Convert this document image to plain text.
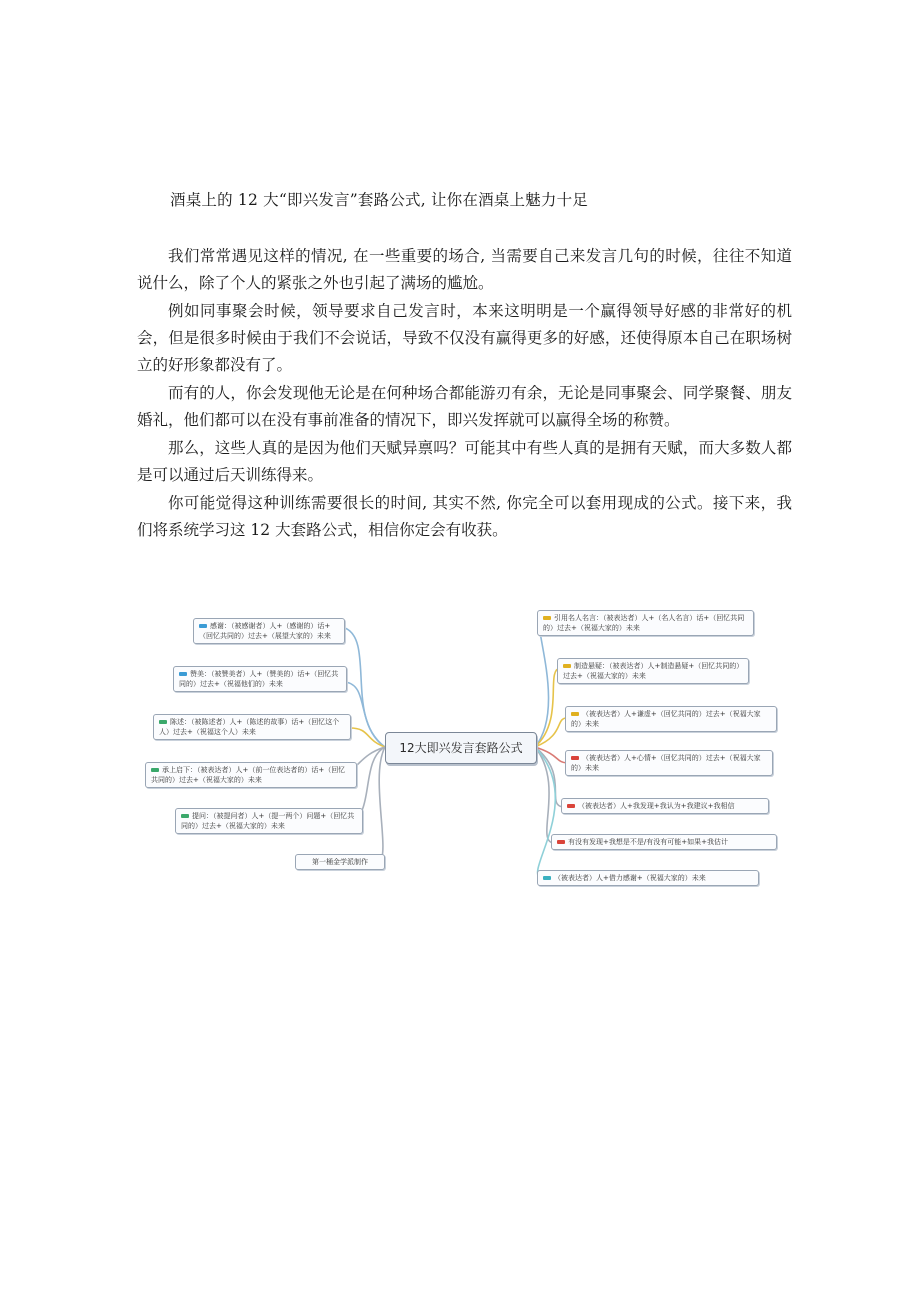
酒桌上的 12 大“即兴发言”套路公式, 让你在酒桌上魅力十足

我们常常遇见这样的情况, 在一些重要的场合, 当需要自己来发言几句的时候，往往不知道说什么，除了个人的紧张之外也引起了满场的尴尬。

例如同事聚会时候，领导要求自己发言时，本来这明明是一个赢得领导好感的非常好的机会，但是很多时候由于我们不会说话，导致不仅没有赢得更多的好感，还使得原本自己在职场树立的好形象都没有了。

而有的人，你会发现他无论是在何种场合都能游刃有余，无论是同事聚会、同学聚餐、朋友婚礼，他们都可以在没有事前准备的情况下，即兴发挥就可以赢得全场的称赞。

那么，这些人真的是因为他们天赋异禀吗？可能其中有些人真的是拥有天赋，而大多数人都是可以通过后天训练得来。

你可能觉得这种训练需要很长的时间, 其实不然, 你完全可以套用现成的公式。接下来，我们将系统学习这 12 大套路公式，相信你定会有收获。

12大即兴发言套路公式
感谢：（被感谢者）人+（感谢的）话+（回忆共同的）过去+（展望大家的）未来
赞美：（被赞美者）人+（赞美的）话+（回忆共同的）过去+（祝福他们的）未来
陈述：（被陈述者）人+（陈述的故事）话+（回忆这个人）过去+（祝福这个人）未来
承上启下：（被表达者）人+（前一位表达者的）话+（回忆共同的）过去+（祝福大家的）未来
提问：（被提问者）人+（提一两个）问题+（回忆共同的）过去+（祝福大家的）未来
第一桶金学派制作
引用名人名言：（被表达者）人+（名人名言）话+（回忆共同的）过去+（祝福大家的）未来
制造悬疑：（被表达者）人+制造悬疑+（回忆共同的）过去+（祝福大家的）未来
（被表达者）人+谦虚+（回忆共同的）过去+（祝福大家的）未来
（被表达者）人+心情+（回忆共同的）过去+（祝福大家的）未来
（被表达者）人+我发现+我认为+我建议+我相信
有没有发现+我想是不是/有没有可能+如果+我估计
（被表达者）人+借力感谢+（祝福大家的）未来
